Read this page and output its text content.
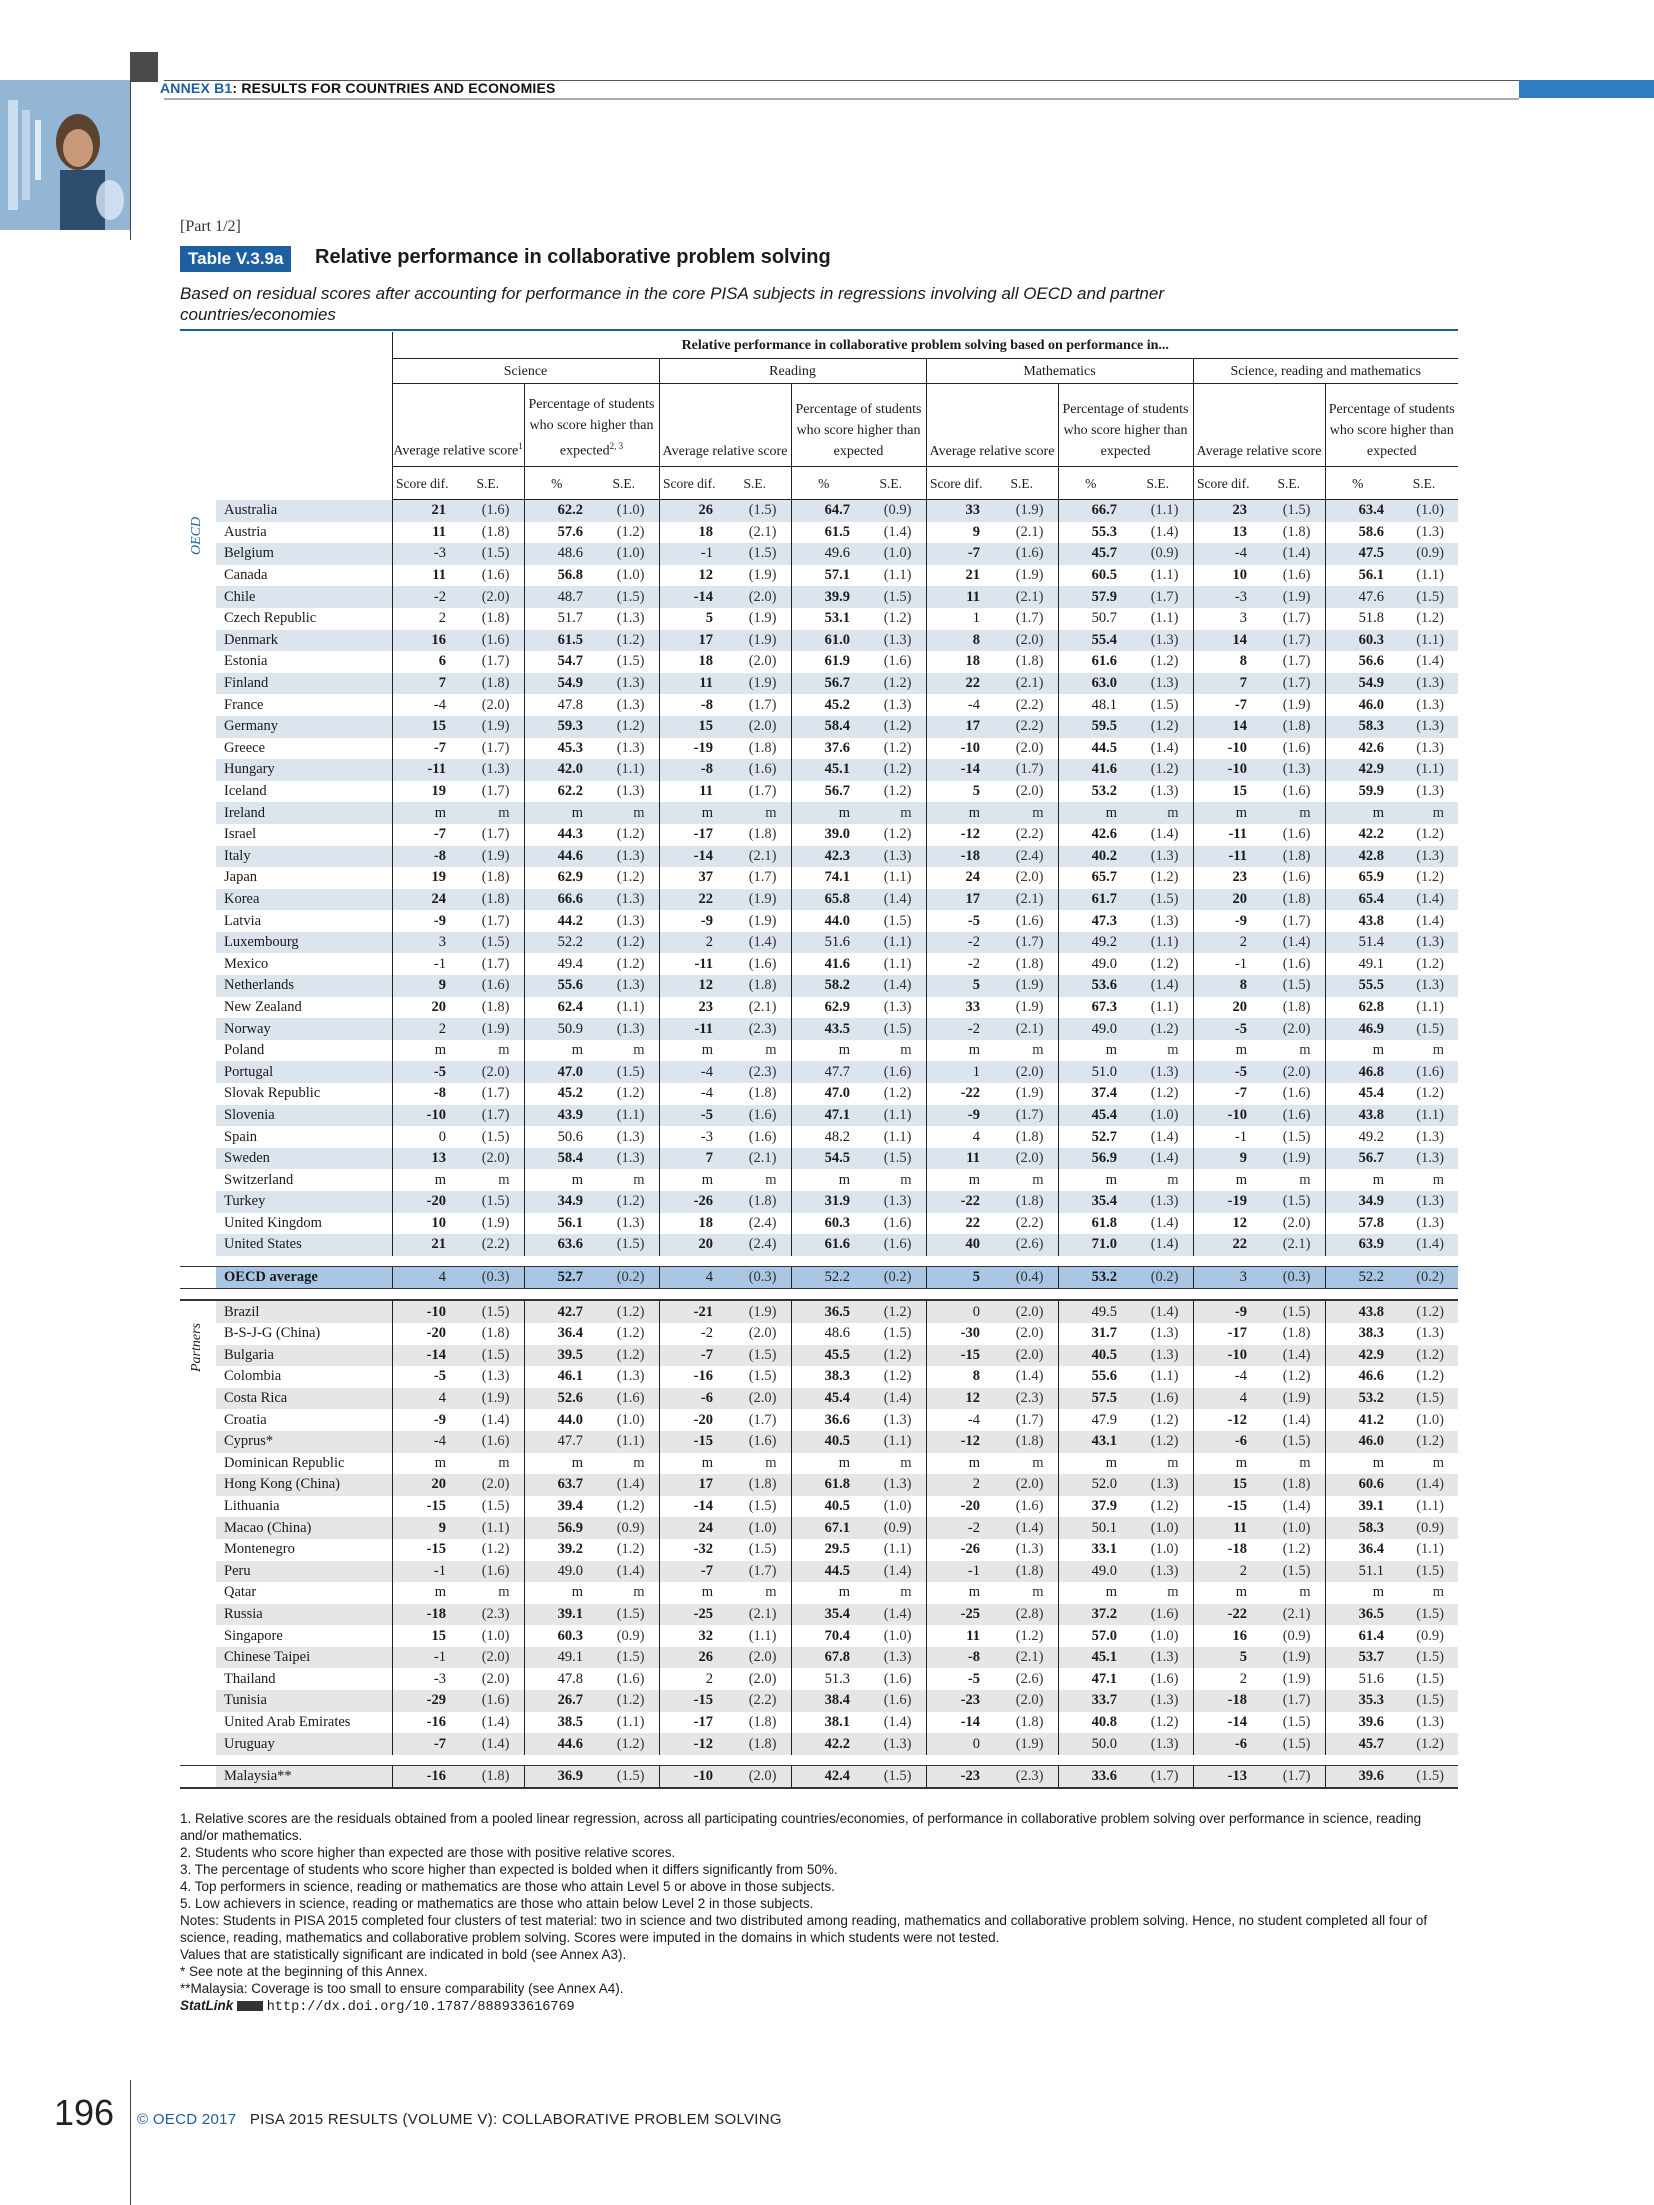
ANNEX B1: RESULTS FOR COUNTRIES AND ECONOMIES
[Part 1/2]
Table V.3.9a	Relative performance in collaborative problem solving
Based on residual scores after accounting for performance in the core PISA subjects in regressions involving all OECD and partner countries/economies
		Relative performance in collaborative problem solving based on performance in...															
		Science				Reading				Mathematics				Science, reading and mathematics			
		Average relative score$^1$		Percentage of students who score higher than expected$^{2, 3}$		Average relative score		Percentage of students who score higher than expected		Average relative score		Percentage of students who score higher than expected		Average relative score		Percentage of students who score higher than expected	
		Score dif.	S.E.	%	S.E.	Score dif.	S.E.	%	S.E.	Score dif.	S.E.	%	S.E.	Score dif.	S.E.	%	S.E.
	Australia	21	(1.6)	62.2	(1.0)	26	(1.5)	64.7	(0.9)	33	(1.9)	66.7	(1.1)	23	(1.5)	63.4	(1.0)
	Austria	11	(1.8)	57.6	(1.2)	18	(2.1)	61.5	(1.4)	9	(2.1)	55.3	(1.4)	13	(1.8)	58.6	(1.3)
	Belgium	-3	(1.5)	48.6	(1.0)	-1	(1.5)	49.6	(1.0)	-7	(1.6)	45.7	(0.9)	-4	(1.4)	47.5	(0.9)
	Canada	11	(1.6)	56.8	(1.0)	12	(1.9)	57.1	(1.1)	21	(1.9)	60.5	(1.1)	10	(1.6)	56.1	(1.1)
	Chile	-2	(2.0)	48.7	(1.5)	-14	(2.0)	39.9	(1.5)	11	(2.1)	57.9	(1.7)	-3	(1.9)	47.6	(1.5)
	Czech Republic	2	(1.8)	51.7	(1.3)	5	(1.9)	53.1	(1.2)	1	(1.7)	50.7	(1.1)	3	(1.7)	51.8	(1.2)
	Denmark	16	(1.6)	61.5	(1.2)	17	(1.9)	61.0	(1.3)	8	(2.0)	55.4	(1.3)	14	(1.7)	60.3	(1.1)
	Estonia	6	(1.7)	54.7	(1.5)	18	(2.0)	61.9	(1.6)	18	(1.8)	61.6	(1.2)	8	(1.7)	56.6	(1.4)
	Finland	7	(1.8)	54.9	(1.3)	11	(1.9)	56.7	(1.2)	22	(2.1)	63.0	(1.3)	7	(1.7)	54.9	(1.3)
	France	-4	(2.0)	47.8	(1.3)	-8	(1.7)	45.2	(1.3)	-4	(2.2)	48.1	(1.5)	-7	(1.9)	46.0	(1.3)
	Germany	15	(1.9)	59.3	(1.2)	15	(2.0)	58.4	(1.2)	17	(2.2)	59.5	(1.2)	14	(1.8)	58.3	(1.3)
	Greece	-7	(1.7)	45.3	(1.3)	-19	(1.8)	37.6	(1.2)	-10	(2.0)	44.5	(1.4)	-10	(1.6)	42.6	(1.3)
	Hungary	-11	(1.3)	42.0	(1.1)	-8	(1.6)	45.1	(1.2)	-14	(1.7)	41.6	(1.2)	-10	(1.3)	42.9	(1.1)
	Iceland	19	(1.7)	62.2	(1.3)	11	(1.7)	56.7	(1.2)	5	(2.0)	53.2	(1.3)	15	(1.6)	59.9	(1.3)
	Ireland	m	m	m	m	m	m	m	m	m	m	m	m	m	m	m	m
	Israel	-7	(1.7)	44.3	(1.2)	-17	(1.8)	39.0	(1.2)	-12	(2.2)	42.6	(1.4)	-11	(1.6)	42.2	(1.2)
	Italy	-8	(1.9)	44.6	(1.3)	-14	(2.1)	42.3	(1.3)	-18	(2.4)	40.2	(1.3)	-11	(1.8)	42.8	(1.3)
	Japan	19	(1.8)	62.9	(1.2)	37	(1.7)	74.1	(1.1)	24	(2.0)	65.7	(1.2)	23	(1.6)	65.9	(1.2)
	Korea	24	(1.8)	66.6	(1.3)	22	(1.9)	65.8	(1.4)	17	(2.1)	61.7	(1.5)	20	(1.8)	65.4	(1.4)
	Latvia	-9	(1.7)	44.2	(1.3)	-9	(1.9)	44.0	(1.5)	-5	(1.6)	47.3	(1.3)	-9	(1.7)	43.8	(1.4)
	Luxembourg	3	(1.5)	52.2	(1.2)	2	(1.4)	51.6	(1.1)	-2	(1.7)	49.2	(1.1)	2	(1.4)	51.4	(1.3)
	Mexico	-1	(1.7)	49.4	(1.2)	-11	(1.6)	41.6	(1.1)	-2	(1.8)	49.0	(1.2)	-1	(1.6)	49.1	(1.2)
	Netherlands	9	(1.6)	55.6	(1.3)	12	(1.8)	58.2	(1.4)	5	(1.9)	53.6	(1.4)	8	(1.5)	55.5	(1.3)
	New Zealand	20	(1.8)	62.4	(1.1)	23	(2.1)	62.9	(1.3)	33	(1.9)	67.3	(1.1)	20	(1.8)	62.8	(1.1)
	Norway	2	(1.9)	50.9	(1.3)	-11	(2.3)	43.5	(1.5)	-2	(2.1)	49.0	(1.2)	-5	(2.0)	46.9	(1.5)
	Poland	m	m	m	m	m	m	m	m	m	m	m	m	m	m	m	m
	Portugal	-5	(2.0)	47.0	(1.5)	-4	(2.3)	47.7	(1.6)	1	(2.0)	51.0	(1.3)	-5	(2.0)	46.8	(1.6)
	Slovak Republic	-8	(1.7)	45.2	(1.2)	-4	(1.8)	47.0	(1.2)	-22	(1.9)	37.4	(1.2)	-7	(1.6)	45.4	(1.2)
	Slovenia	-10	(1.7)	43.9	(1.1)	-5	(1.6)	47.1	(1.1)	-9	(1.7)	45.4	(1.0)	-10	(1.6)	43.8	(1.1)
	Spain	0	(1.5)	50.6	(1.3)	-3	(1.6)	48.2	(1.1)	4	(1.8)	52.7	(1.4)	-1	(1.5)	49.2	(1.3)
	Sweden	13	(2.0)	58.4	(1.3)	7	(2.1)	54.5	(1.5)	11	(2.0)	56.9	(1.4)	9	(1.9)	56.7	(1.3)
	Switzerland	m	m	m	m	m	m	m	m	m	m	m	m	m	m	m	m
	Turkey	-20	(1.5)	34.9	(1.2)	-26	(1.8)	31.9	(1.3)	-22	(1.8)	35.4	(1.3)	-19	(1.5)	34.9	(1.3)
	United Kingdom	10	(1.9)	56.1	(1.3)	18	(2.4)	60.3	(1.6)	22	(2.2)	61.8	(1.4)	12	(2.0)	57.8	(1.3)
	United States	21	(2.2)	63.6	(1.5)	20	(2.4)	61.6	(1.6)	40	(2.6)	71.0	(1.4)	22	(2.1)	63.9	(1.4)

	OECD average	4	(0.3)	52.7	(0.2)	4	(0.3)	52.2	(0.2)	5	(0.4)	53.2	(0.2)	3	(0.3)	52.2	(0.2)

	Brazil	-10	(1.5)	42.7	(1.2)	-21	(1.9)	36.5	(1.2)	0	(2.0)	49.5	(1.4)	-9	(1.5)	43.8	(1.2)
	B-S-J-G (China)	-20	(1.8)	36.4	(1.2)	-2	(2.0)	48.6	(1.5)	-30	(2.0)	31.7	(1.3)	-17	(1.8)	38.3	(1.3)
	Bulgaria	-14	(1.5)	39.5	(1.2)	-7	(1.5)	45.5	(1.2)	-15	(2.0)	40.5	(1.3)	-10	(1.4)	42.9	(1.2)
	Colombia	-5	(1.3)	46.1	(1.3)	-16	(1.5)	38.3	(1.2)	8	(1.4)	55.6	(1.1)	-4	(1.2)	46.6	(1.2)
	Costa Rica	4	(1.9)	52.6	(1.6)	-6	(2.0)	45.4	(1.4)	12	(2.3)	57.5	(1.6)	4	(1.9)	53.2	(1.5)
	Croatia	-9	(1.4)	44.0	(1.0)	-20	(1.7)	36.6	(1.3)	-4	(1.7)	47.9	(1.2)	-12	(1.4)	41.2	(1.0)
	Cyprus*	-4	(1.6)	47.7	(1.1)	-15	(1.6)	40.5	(1.1)	-12	(1.8)	43.1	(1.2)	-6	(1.5)	46.0	(1.2)
	Dominican Republic	m	m	m	m	m	m	m	m	m	m	m	m	m	m	m	m
	Hong Kong (China)	20	(2.0)	63.7	(1.4)	17	(1.8)	61.8	(1.3)	2	(2.0)	52.0	(1.3)	15	(1.8)	60.6	(1.4)
	Lithuania	-15	(1.5)	39.4	(1.2)	-14	(1.5)	40.5	(1.0)	-20	(1.6)	37.9	(1.2)	-15	(1.4)	39.1	(1.1)
	Macao (China)	9	(1.1)	56.9	(0.9)	24	(1.0)	67.1	(0.9)	-2	(1.4)	50.1	(1.0)	11	(1.0)	58.3	(0.9)
	Montenegro	-15	(1.2)	39.2	(1.2)	-32	(1.5)	29.5	(1.1)	-26	(1.3)	33.1	(1.0)	-18	(1.2)	36.4	(1.1)
	Peru	-1	(1.6)	49.0	(1.4)	-7	(1.7)	44.5	(1.4)	-1	(1.8)	49.0	(1.3)	2	(1.5)	51.1	(1.5)
	Qatar	m	m	m	m	m	m	m	m	m	m	m	m	m	m	m	m
	Russia	-18	(2.3)	39.1	(1.5)	-25	(2.1)	35.4	(1.4)	-25	(2.8)	37.2	(1.6)	-22	(2.1)	36.5	(1.5)
	Singapore	15	(1.0)	60.3	(0.9)	32	(1.1)	70.4	(1.0)	11	(1.2)	57.0	(1.0)	16	(0.9)	61.4	(0.9)
	Chinese Taipei	-1	(2.0)	49.1	(1.5)	26	(2.0)	67.8	(1.3)	-8	(2.1)	45.1	(1.3)	5	(1.9)	53.7	(1.5)
	Thailand	-3	(2.0)	47.8	(1.6)	2	(2.0)	51.3	(1.6)	-5	(2.6)	47.1	(1.6)	2	(1.9)	51.6	(1.5)
	Tunisia	-29	(1.6)	26.7	(1.2)	-15	(2.2)	38.4	(1.6)	-23	(2.0)	33.7	(1.3)	-18	(1.7)	35.3	(1.5)
	United Arab Emirates	-16	(1.4)	38.5	(1.1)	-17	(1.8)	38.1	(1.4)	-14	(1.8)	40.8	(1.2)	-14	(1.5)	39.6	(1.3)
	Uruguay	-7	(1.4)	44.6	(1.2)	-12	(1.8)	42.2	(1.3)	0	(1.9)	50.0	(1.3)	-6	(1.5)	45.7	(1.2)

	Malaysia**	-16	(1.8)	36.9	(1.5)	-10	(2.0)	42.4	(1.5)	-23	(2.3)	33.6	(1.7)	-13	(1.7)	39.6	(1.5)
OECD
Partners

1. Relative scores are the residuals obtained from a pooled linear regression, across all participating countries/economies, of performance in collaborative problem solving over performance in science, reading and/or mathematics.

2. Students who score higher than expected are those with positive relative scores.

3. The percentage of students who score higher than expected is bolded when it differs significantly from 50%.

4. Top performers in science, reading or mathematics are those who attain Level 5 or above in those subjects.

5. Low achievers in science, reading or mathematics are those who attain below Level 2 in those subjects.

Notes: Students in PISA 2015 completed four clusters of test material: two in science and two distributed among reading, mathematics and collaborative problem solving. Hence, no student completed all four of science, reading, mathematics and collaborative problem solving. Scores were imputed in the domains in which students were not tested.

Values that are statistically significant are indicated in bold (see Annex A3).

* See note at the beginning of this Annex.

**Malaysia: Coverage is too small to ensure comparability (see Annex A4).

StatLink http://dx.doi.org/10.1787/888933616769

196 © OECD 2017 PISA 2015 RESULTS (VOLUME V): COLLABORATIVE PROBLEM SOLVING
